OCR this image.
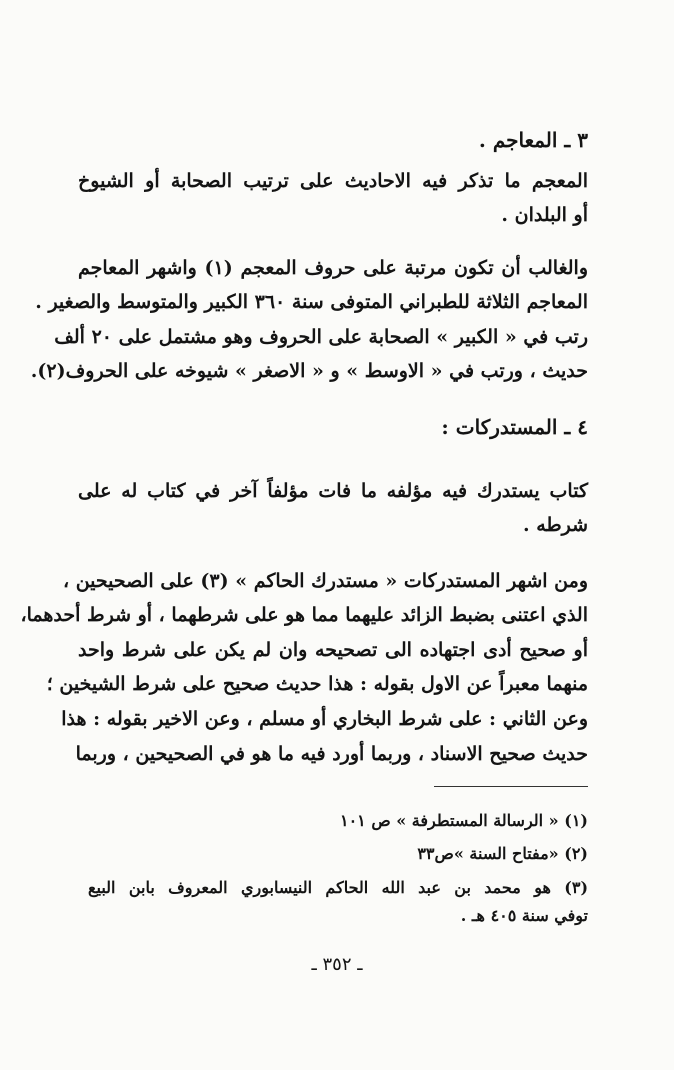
٣ ـ المعاجم .
المعجم ما تذكر فيه الاحاديث على ترتيب الصحابة أو الشيوخ
أو البلدان .
والغالب أن تكون مرتبة على حروف المعجم (١) واشهر المعاجم
المعاجم الثلاثة للطبراني المتوفى سنة ٣٦٠ الكبير والمتوسط والصغير .
رتب في « الكبير » الصحابة على الحروف وهو مشتمل على ٢٠ ألف
حديث ، ورتب في « الاوسط » و « الاصغر » شيوخه على الحروف(٢).
٤ ـ المستدركات :
كتاب يستدرك فيه مؤلفه ما فات مؤلفاً آخر في كتاب له على
شرطه .
ومن اشهر المستدركات « مستدرك الحاكم » (٣) على الصحيحين ،
الذي اعتنى بضبط الزائد عليهما مما هو على شرطهما ، أو شرط أحدهما،
أو صحيح أدى اجتهاده الى تصحيحه وان لم يكن على شرط واحد
منهما معبراً عن الاول بقوله : هذا حديث صحيح على شرط الشيخين ؛
وعن الثاني : على شرط البخاري أو مسلم ، وعن الاخير بقوله : هذا
حديث صحيح الاسناد ، وربما أورد فيه ما هو في الصحيحين ، وربما
(١) « الرسالة المستطرفة » ص ١٠١
(٢) «مفتاح السنة »ص٣٣
(٣) هو محمد بن عبد الله الحاكم النيسابوري المعروف بابن البيع
توفي سنة ٤٠٥ هـ .
ـ ٣٥٢ ـ
